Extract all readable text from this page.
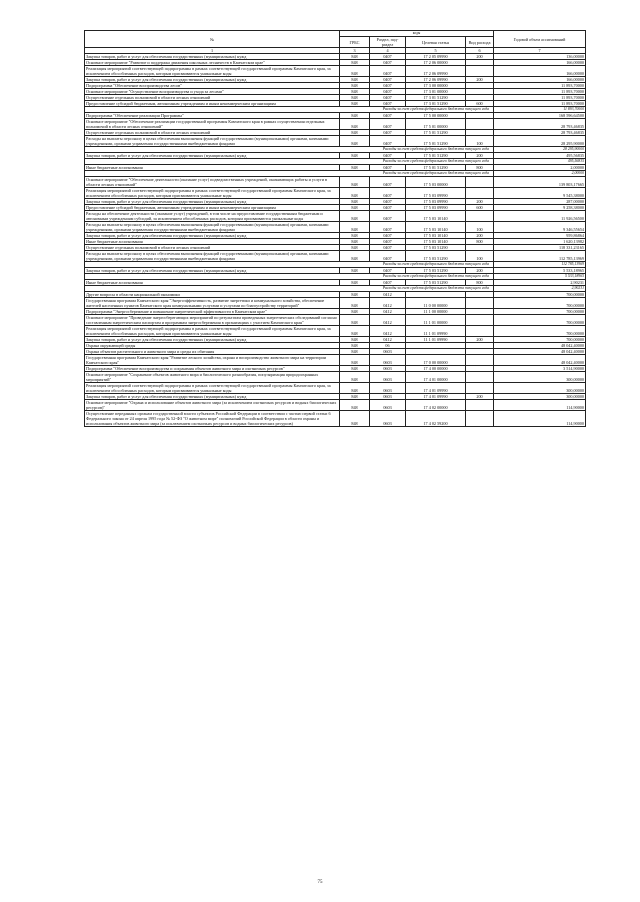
№	коды				Годовой объем ассигнований
	ГРБС	Раздел, под-раздел	Целевая статья	Вид расхода	
1	3	4	5	6	7
Закупка товаров, работ и услуг для обеспечения государственных (муниципальных) нужд	848	0407	17 2 05 09990	200	136,00000
Основное мероприятие "Развитие и поддержка движения школьных лесничеств в Камчатском крае"	848	0407	17 2 06 00000		166,00000
Реализация мероприятий соответствующей подпрограммы в рамках соответствующей государственной программы Камчатского края, за исключением обособленных расходов, которым присваиваются уникальные коды	848	0407	17 2 06 09990		166,00000
Закупка товаров, работ и услуг для обеспечения государственных (муниципальных) нужд	848	0407	17 2 06 09990	200	166,00000
Подпрограмма "Обеспечение воспроизводства лесов"	848	0407	17 3 00 00000		11 893,70000
Основное мероприятие "Осуществление воспроизводства и ухода за лесами"	848	0407	17 3 01 00000		11 893,70000
Осуществление отдельных полномочий в области лесных отношений	848	0407	17 3 01 51290		11 893,70000
Предоставление субсидий бюджетным, автономным учреждениям и иным некоммерческим организациям	848	0407	17 3 01 51290	600	11 893,70000
Расходы за счет средств федерального бюджета текущего года					11 893,70000
Подпрограмма "Обеспечение реализации Программы"	848	0407	17 5 00 00000		168 596,64500
Основное мероприятие "Обеспечение реализации государственной программы Камчатского края в рамках осуществления отдельных полномочий в области лесных отношений"	848	0407	17 5 01 00000		28 793,46835
Осуществление отдельных полномочий в области лесных отношений	848	0407	17 5 01 51290		28 793,46835
Расходы на выплаты персоналу в целях обеспечения выполнения функций государственными (муниципальными) органами, казенными учреждениями, органами управления государственными внебюджетными фондами	848	0407	17 5 01 51290	100	28 295,90000
Расходы за счет средств федерального бюджета текущего года					28 295,90000
Закупка товаров, работ и услуг для обеспечения государственных (муниципальных) нужд	848	0407	17 5 01 51290	200	495,56835
Расходы за счет средств федерального бюджета текущего года					495,56835
Иные бюджетные ассигнования	848	0407	17 5 01 51290	800	2,00000
Расходы за счет средств федерального бюджета текущего года					2,00000
Основное мероприятие "Обеспечение деятельности (оказание услуг) подведомственных учреждений, оказывающих работы и услуги в области лесных отношений"	848	0407	17 5 03 00000		139 803,17665
Реализация мероприятий соответствующей подпрограммы в рамках соответствующей государственной программы Камчатского края, за исключением обособленных расходов, которым присваиваются уникальные коды	848	0407	17 5 03 09990		9 545,38000
Закупка товаров, работ и услуг для обеспечения государственных (муниципальных) нужд	848	0407	17 5 03 09990	200	287,00000
Предоставление субсидий бюджетным, автономным учреждениям и иным некоммерческим организациям	848	0407	17 5 03 09990	600	9 258,38000
Расходы на обеспечение деятельности (оказание услуг) учреждений, в том числе на предоставление государственным бюджетным и автономным учреждениям субсидий, за исключением обособленных расходов, которым присваиваются уникальные коды	848	0407	17 5 03 10140		11 926,56500
Расходы на выплаты персоналу в целях обеспечения выполнения функций государственными (муниципальными) органами, казенными учреждениями, органами управления государственными внебюджетными фондами	848	0407	17 5 03 10140	100	9 346,55654
Закупка товаров, работ и услуг для обеспечения государственных (муниципальных) нужд	848	0407	17 5 03 10140	200	959,86864
Иные бюджетные ассигнования	848	0407	17 5 03 10140	800	1 620,13982
Осуществление отдельных полномочий в области лесных отношений	848	0407	17 5 03 51290		118 331,23165
Расходы на выплаты персоналу в целях обеспечения выполнения функций государственными (муниципальными) органами, казенными учреждениями, органами управления государственными внебюджетными фондами	848	0407	17 5 03 51290	100	112 785,13969
Расходы за счет средств федерального бюджета текущего года					112 785,13969
Закупка товаров, работ и услуг для обеспечения государственных (муниципальных) нужд	848	0407	17 5 03 51290	200	5 533,18965
Расходы за счет средств федерального бюджета текущего года					5 533,18965
Иные бюджетные ассигнования	848	0407	17 5 03 51290	800	2,90231
Расходы за счет средств федерального бюджета текущего года					2,90231
Другие вопросы в области национальной экономики	848	0412			700,00000
Государственная программа Камчатского края "Энергоэффективность, развитие энергетики и коммунального хозяйства, обеспечение жителей населенных пунктов Камчатского края коммунальными услугами и услугами по благоустройству территорий"	848	0412	11 0 00 00000		700,00000
Подпрограмма "Энергосбережение и повышение энергетической эффективности в Камчатском крае"	848	0412	11 1 00 00000		700,00000
Основное мероприятие "Проведение энергосберегающих мероприятий по результатам проведенных энергетических обследований согласно составленным энергетическим паспортам и программам энергосбережения в организациях с участием Камчатского края"	848	0412	11 1 01 00000		700,00000
Реализация мероприятий соответствующей подпрограммы в рамках соответствующей государственной программы Камчатского края, за исключением обособленных расходов, которым присваиваются уникальные коды	848	0412	11 1 01 09990		700,00000
Закупка товаров, работ и услуг для обеспечения государственных (муниципальных) нужд	848	0412	11 1 01 09990	200	700,00000
Охрана окружающей среды	848	06			48 042,40000
Охрана объектов растительного и животного мира и среды их обитания	848	0603			48 042,40000
Государственная программа Камчатского края "Развитие лесного хозяйства, охрана и воспроизводство животного мира на территории Камчатского края"	848	0603	17 0 00 00000		48 042,40000
Подпрограмма "Обеспечение воспроизводства и сохранения объектов животного мира и охотничьих ресурсов"	848	0603	17 4 00 00000		3 514,90000
Основное мероприятие "Сохранение объектов животного мира и биологического разнообразия, популяризация природоохранных мероприятий"	848	0603	17 4 01 00000		300,00000
Реализация мероприятий соответствующей подпрограммы в рамках соответствующей государственной программы Камчатского края, за исключением обособленных расходов, которым присваиваются уникальные коды	848	0603	17 4 01 09990		300,00000
Закупка товаров, работ и услуг для обеспечения государственных (муниципальных) нужд	848	0603	17 4 01 09990	200	300,00000
Основное мероприятие "Охрана и использование объектов животного мира (за исключением охотничьих ресурсов и водных биологических ресурсов)"	848	0603	17 4 02 00000		114,90000
Осуществление переданных органам государственной власти субъектов Российской Федерации в соответствии с частью первой статьи 6 Федерального закона от 24 апреля 1995 года № 52-ФЗ "О животном мире" полномочий Российской Федерации в области охраны и использования объектов животного мира (за исключением охотничьих ресурсов и водных биологических ресурсов)	848	0603	17 4 02 59200		114,90000
75
